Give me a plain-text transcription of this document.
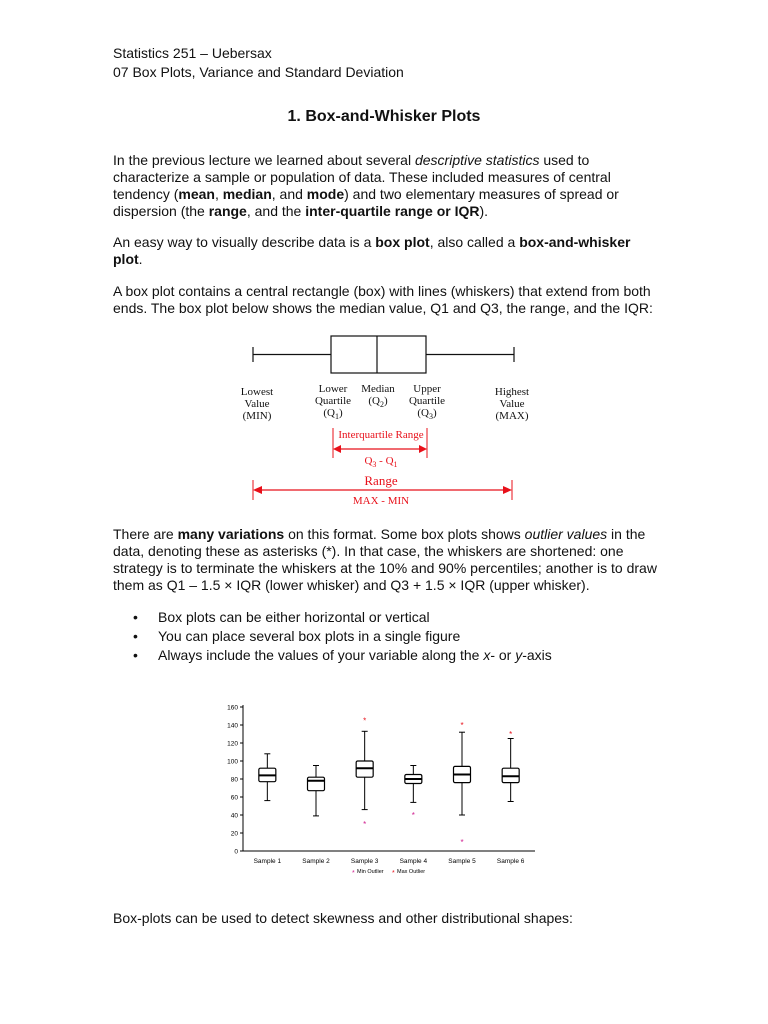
Statistics 251 – Uebersax
07 Box Plots, Variance and Standard Deviation
1. Box-and-Whisker Plots
In the previous lecture we learned about several descriptive statistics used to characterize a sample or population of data. These included measures of central tendency (mean, median, and mode) and two elementary measures of spread or dispersion (the range, and the inter-quartile range or IQR).
An easy way to visually describe data is a box plot, also called a box-and-whisker plot.
A box plot contains a central rectangle (box) with lines (whiskers) that extend from both ends. The box plot below shows the median value, Q1 and Q3, the range, and the IQR:
Lowest
Value
(MIN)
Lower
Quartile
$(Q_1)$
Median
$(Q_2)$
Upper
Quartile
$(Q_3)$
Highest
Value
(MAX)
Interquartile Range
$Q_3 - Q_1$
Range
MAX - MIN
There are many variations on this format. Some box plots shows outlier values in the data, denoting these as asterisks (*). In that case, the whiskers are shortened: one strategy is to terminate the whiskers at the 10% and 90% percentiles; another is to draw them as Q1 – 1.5 × IQR (lower whisker) and Q3 + 1.5 × IQR (upper whisker).
• Box plots can be either horizontal or vertical
• You can place several box plots in a single figure
• Always include the values of your variable along the x- or y-axis
0
20
40
60
80
100
120
140
160
Sample 1	Sample 2	Sample 3	Sample 4	Sample 5	Sample 6
*
*
*
*
*
*
* Min Outlier * Max Outlier
Box-plots can be used to detect skewness and other distributional shapes:
